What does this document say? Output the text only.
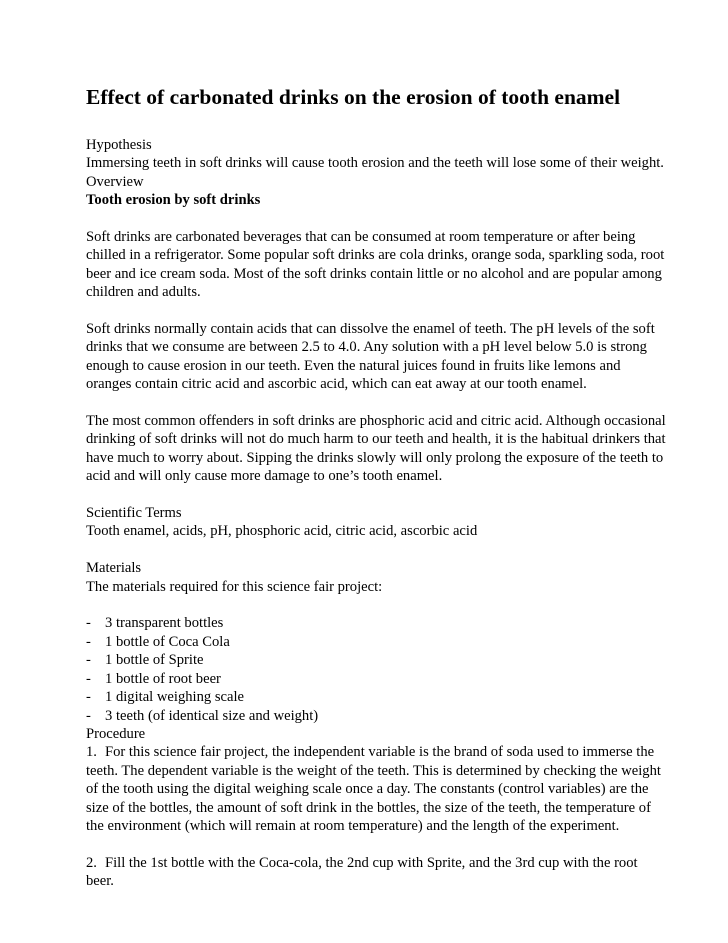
Effect of carbonated drinks on the erosion of tooth enamel

Hypothesis

Immersing teeth in soft drinks will cause tooth erosion and the teeth will lose some of their weight.

Overview

Tooth erosion by soft drinks

Soft drinks are carbonated beverages that can be consumed at room temperature or after being chilled in a refrigerator. Some popular soft drinks are cola drinks, orange soda, sparkling soda, root beer and ice cream soda. Most of the soft drinks contain little or no alcohol and are popular among children and adults.

Soft drinks normally contain acids that can dissolve the enamel of teeth. The pH levels of the soft drinks that we consume are between 2.5 to 4.0. Any solution with a pH level below 5.0 is strong enough to cause erosion in our teeth. Even the natural juices found in fruits like lemons and oranges contain citric acid and ascorbic acid, which can eat away at our tooth enamel.

The most common offenders in soft drinks are phosphoric acid and citric acid. Although occasional drinking of soft drinks will not do much harm to our teeth and health, it is the habitual drinkers that have much to worry about. Sipping the drinks slowly will only prolong the exposure of the teeth to acid and will only cause more damage to one’s tooth enamel.

Scientific Terms

Tooth enamel, acids, pH, phosphoric acid, citric acid, ascorbic acid

Materials

The materials required for this science fair project:

- 3 transparent bottles
- 1 bottle of Coca Cola
- 1 bottle of Sprite
- 1 bottle of root beer
- 1 digital weighing scale
- 3 teeth (of identical size and weight)

Procedure

1. For this science fair project, the independent variable is the brand of soda used to immerse the teeth. The dependent variable is the weight of the teeth. This is determined by checking the weight of the tooth using the digital weighing scale once a day. The constants (control variables) are the size of the bottles, the amount of soft drink in the bottles, the size of the teeth, the temperature of the environment (which will remain at room temperature) and the length of the experiment.

2. Fill the 1st bottle with the Coca-cola, the 2nd cup with Sprite, and the 3rd cup with the root beer.
